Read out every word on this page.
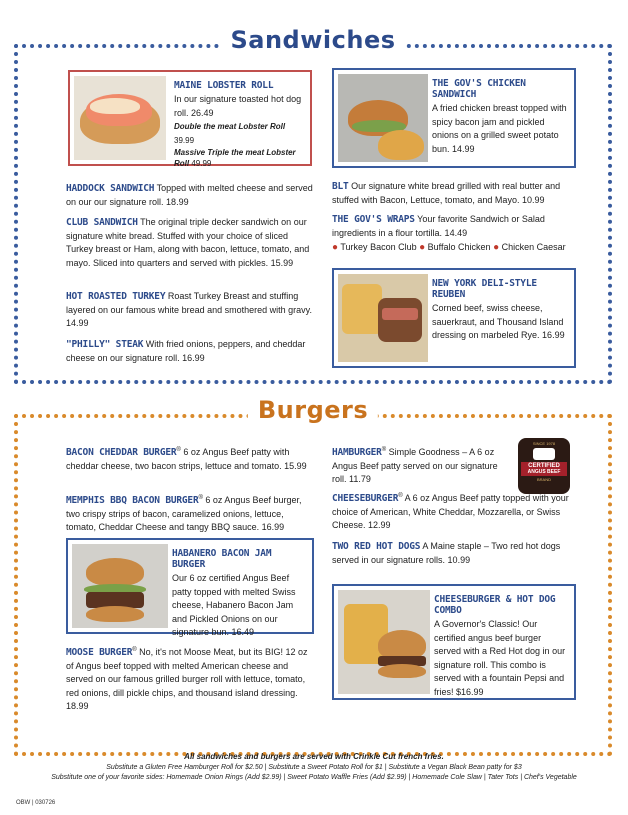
Sandwiches
MAINE LOBSTER ROLL

In our signature toasted hot dog roll. 26.49

Double the meat Lobster Roll 39.99

Massive Triple the meat Lobster Roll 49.99

THE GOV'S CHICKEN SANDWICH

A fried chicken breast topped with spicy bacon jam and pickled onions on a grilled sweet potato bun. 14.99

HADDOCK SANDWICH Topped with melted cheese and served on our our signature roll. 18.99

CLUB SANDWICH The original triple decker sandwich on our signature white bread. Stuffed with your choice of sliced Turkey breast or Ham, along with bacon, lettuce, tomato, and mayo. Sliced into quarters and served with pickles. 15.99

HOT ROASTED TURKEY Roast Turkey Breast and stuffing layered on our famous white bread and smothered with gravy. 14.99

"PHILLY" STEAK With fried onions, peppers, and cheddar cheese on our signature roll. 16.99

BLT Our signature white bread grilled with real butter and stuffed with Bacon, Lettuce, tomato, and Mayo. 10.99

THE GOV'S WRAPS Your favorite Sandwich or Salad ingredients in a flour tortilla. 14.49

● Turkey Bacon Club ● Buffalo Chicken ● Chicken Caesar

NEW YORK DELI-STYLE REUBEN

Corned beef, swiss cheese, sauerkraut, and Thousand Island dressing on marbeled Rye. 16.99

Burgers

BACON CHEDDAR BURGER® 6 oz Angus Beef patty with cheddar cheese, two bacon strips, lettuce and tomato. 15.99

MEMPHIS BBQ BACON BURGER® 6 oz Angus Beef burger, two crispy strips of bacon, caramelized onions, lettuce, tomato, Cheddar Cheese and tangy BBQ sauce. 16.99

HABANERO BACON JAM BURGER

Our 6 oz certified Angus Beef patty topped with melted Swiss cheese, Habanero Bacon Jam and Pickled Onions on our signature bun. 16.49

MOOSE BURGER® No, it's not Moose Meat, but its BIG! 12 oz of Angus beef topped with melted American cheese and served on our famous grilled burger roll with lettuce, tomato, red onions, dill pickle chips, and thousand island dressing. 18.99

HAMBURGER® Simple Goodness – A 6 oz Angus Beef patty served on our signature roll. 11.79

SINCE 1978
CERTIFIED
ANGUS BEEF
BRAND

CHEESEBURGER® A 6 oz Angus Beef patty topped with your choice of American, White Cheddar, Mozzarella, or Swiss Cheese. 12.99

TWO RED HOT DOGS A Maine staple – Two red hot dogs served in our signature rolls. 10.99

CHEESEBURGER & HOT DOG COMBO

A Governor's Classic! Our certified angus beef burger served with a Red Hot dog in our signature roll. This combo is served with a fountain Pepsi and fries! $16.99

All sandwiches and burgers are served with Crinkle Cut french fries.
Substitute a Gluten Free Hamburger Roll for $2.50 | Substitute a Sweet Potato Roll for $1 | Substitute a Vegan Black Bean patty for $3
Substitute one of your favorite sides: Homemade Onion Rings (Add $2.99) | Sweet Potato Waffle Fries (Add $2.99) | Homemade Cole Slaw | Tater Tots | Chef's Vegetable
OBW | 030726
